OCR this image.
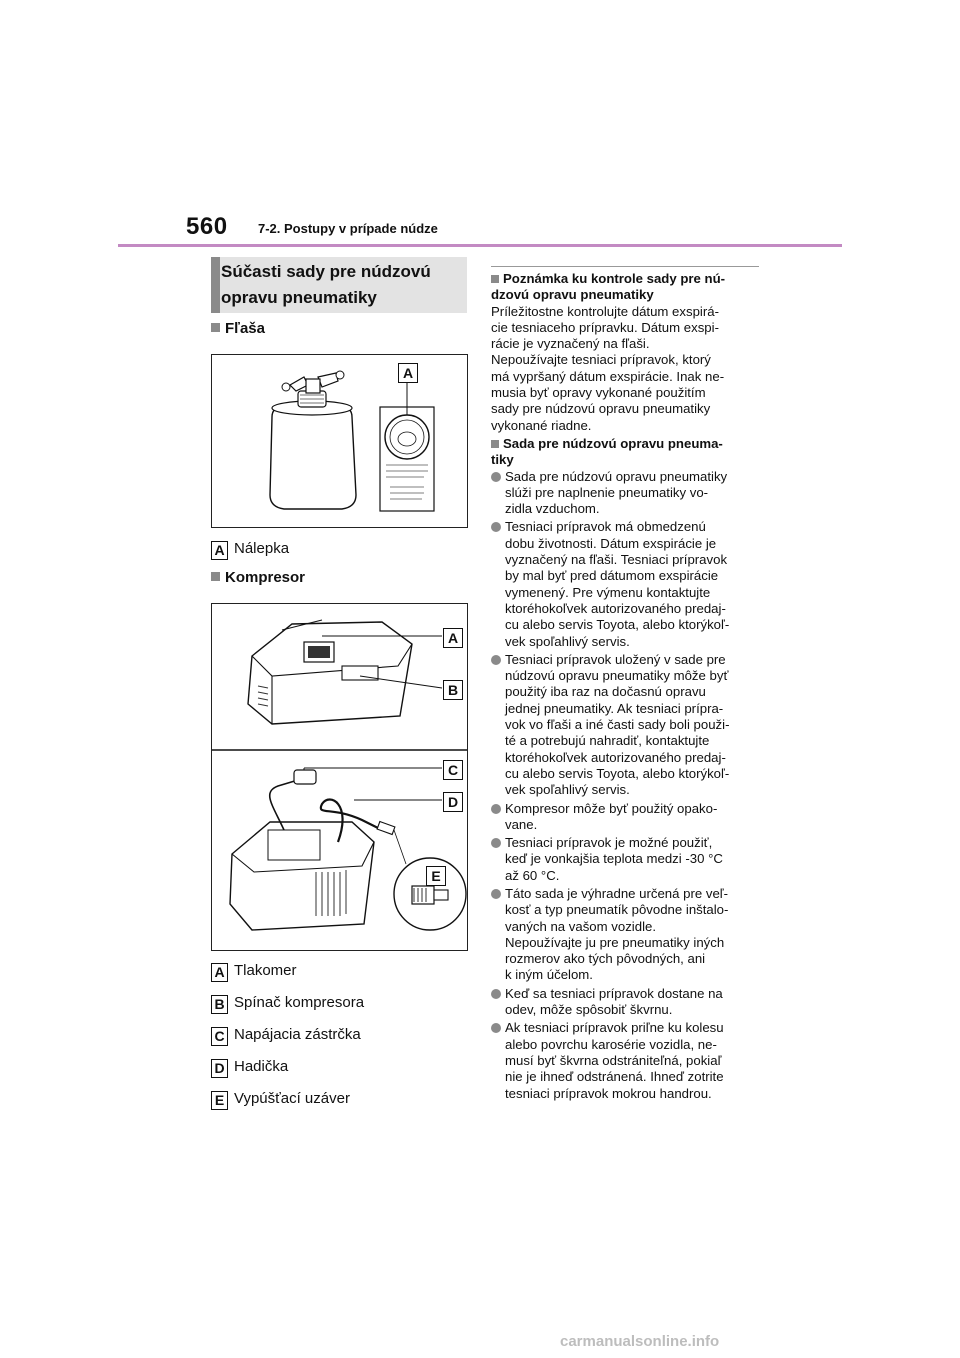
560 7-2. Postupy v prípade núdze
Súčasti sady pre núdzovú
opravu pneumatiky
Fľaša
A
A Nálepka
Kompresor
A
B
C
D
E
A Tlakomer
B Spínač kompresora
C Napájacia zástrčka
D Hadička
E Vypúšťací uzáver
Poznámka ku kontrole sady pre nú-
dzovú opravu pneumatiky

Príležitostne kontrolujte dátum exspirá-
cie tesniaceho prípravku. Dátum exspi-
rácie je vyznačený na fľaši.
Nepoužívajte tesniaci prípravok, ktorý
má vypršaný dátum exspirácie. Inak ne-
musia byť opravy vykonané použitím
sady pre núdzovú opravu pneumatiky
vykonané riadne.

Sada pre núdzovú opravu pneuma-
tiky
Sada pre núdzovú opravu pneumatiky
slúži pre naplnenie pneumatiky vo-
zidla vzduchom.
Tesniaci prípravok má obmedzenú
dobu životnosti. Dátum exspirácie je
vyznačený na fľaši. Tesniaci prípravok
by mal byť pred dátumom exspirácie
vymenený. Pre výmenu kontaktujte
ktoréhokoľvek autorizovaného predaj-
cu alebo servis Toyota, alebo ktorýkoľ-
vek spoľahlivý servis.
Tesniaci prípravok uložený v sade pre
núdzovú opravu pneumatiky môže byť
použitý iba raz na dočasnú opravu
jednej pneumatiky. Ak tesniaci prípra-
vok vo fľaši a iné časti sady boli použi-
té a potrebujú nahradiť, kontaktujte
ktoréhokoľvek autorizovaného predaj-
cu alebo servis Toyota, alebo ktorýkoľ-
vek spoľahlivý servis.
Kompresor môže byť použitý opako-
vane.
Tesniaci prípravok je možné použiť,
keď je vonkajšia teplota medzi -30 °C
až 60 °C.
Táto sada je výhradne určená pre veľ-
kosť a typ pneumatík pôvodne inštalo-
vaných na vašom vozidle.
Nepoužívajte ju pre pneumatiky iných
rozmerov ako tých pôvodných, ani
k iným účelom.
Keď sa tesniaci prípravok dostane na
odev, môže spôsobiť škvrnu.
Ak tesniaci prípravok priľne ku kolesu
alebo povrchu karosérie vozidla, ne-
musí byť škvrna odstrániteľná, pokiaľ
nie je ihneď odstránená. Ihneď zotrite
tesniaci prípravok mokrou handrou.
carmanualsonline.info
